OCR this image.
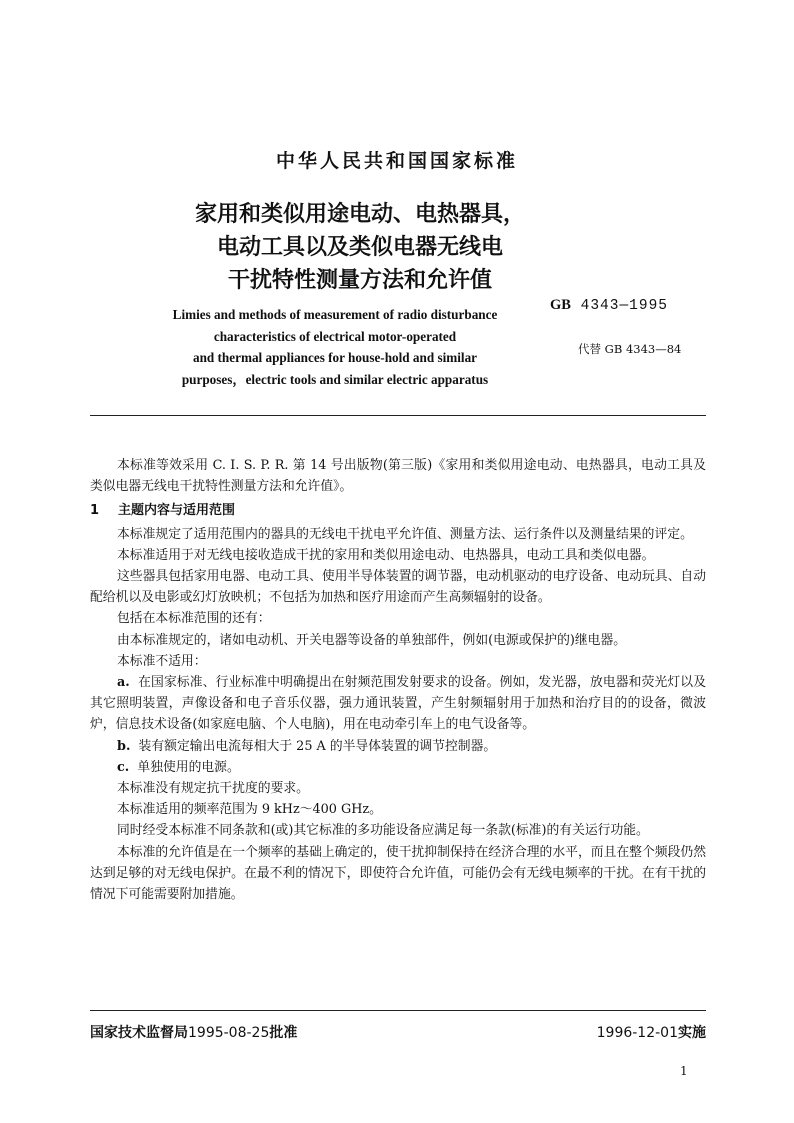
中华人民共和国国家标准
家用和类似用途电动、电热器具，
电动工具以及类似电器无线电
干扰特性测量方法和允许值
GB 4343—1995
代替 GB 4343—84
Limies and methods of measurement of radio disturbance
characteristics of electrical motor-operated
and thermal appliances for house-hold and similar
purposes，electric tools and similar electric apparatus

本标准等效采用 C. I. S. P. R. 第 14 号出版物(第三版)《家用和类似用途电动、电热器具，电动工具及类似电器无线电干扰特性测量方法和允许值》。

1 主题内容与适用范围

本标准规定了适用范围内的器具的无线电干扰电平允许值、测量方法、运行条件以及测量结果的评定。

本标准适用于对无线电接收造成干扰的家用和类似用途电动、电热器具，电动工具和类似电器。

这些器具包括家用电器、电动工具、使用半导体装置的调节器，电动机驱动的电疗设备、电动玩具、自动配给机以及电影或幻灯放映机；不包括为加热和医疗用途而产生高频辐射的设备。

包括在本标准范围的还有：

由本标准规定的，诸如电动机、开关电器等设备的单独部件，例如(电源或保护的)继电器。

本标准不适用：

a. 在国家标准、行业标准中明确提出在射频范围发射要求的设备。例如，发光器，放电器和荧光灯以及其它照明装置，声像设备和电子音乐仪器，强力通讯装置，产生射频辐射用于加热和治疗目的的设备，微波炉，信息技术设备(如家庭电脑、个人电脑)，用在电动牵引车上的电气设备等。

b. 装有额定输出电流每相大于 25 A 的半导体装置的调节控制器。

c. 单独使用的电源。

本标准没有规定抗干扰度的要求。

本标准适用的频率范围为 9 kHz～400 GHz。

同时经受本标准不同条款和(或)其它标准的多功能设备应满足每一条款(标准)的有关运行功能。

本标准的允许值是在一个频率的基础上确定的，使干扰抑制保持在经济合理的水平，而且在整个频段仍然达到足够的对无线电保护。在最不利的情况下，即使符合允许值，可能仍会有无线电频率的干扰。在有干扰的情况下可能需要附加措施。

国家技术监督局1995-08-25批准	1996-12-01实施
1
